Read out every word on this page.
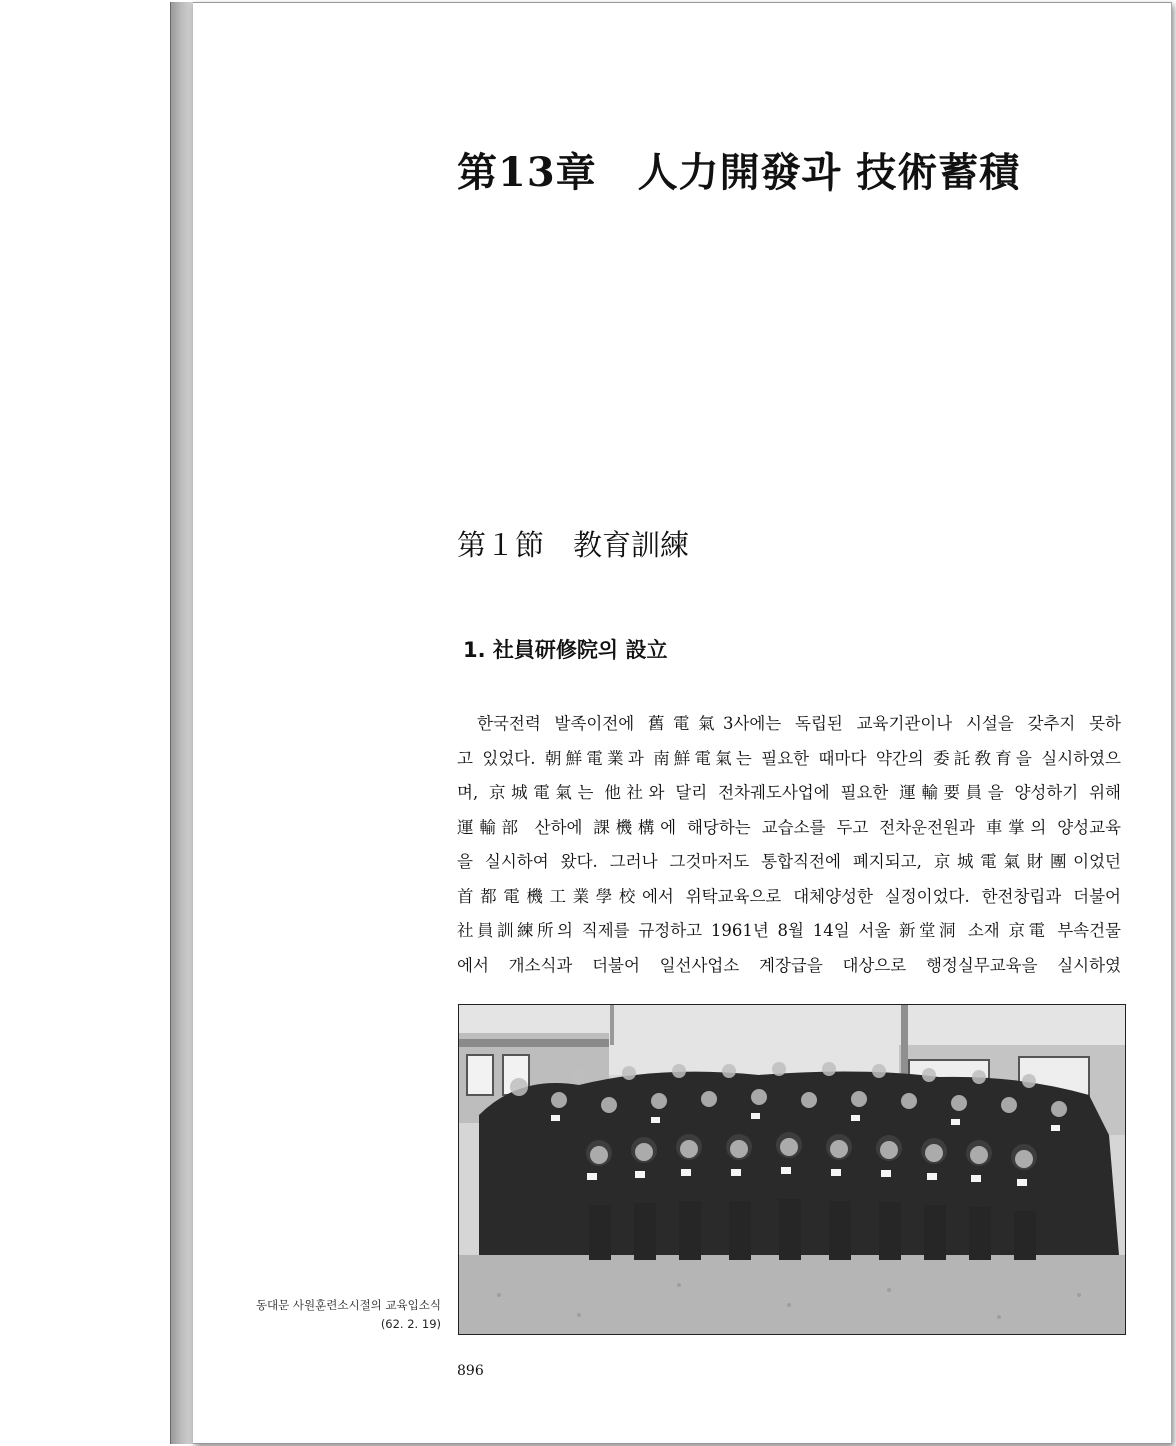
第13章　人力開發과 技術蓄積
第１節　教育訓練
1. 社員研修院의 設立
한국전력 발족이전에 舊電氣3사에는 독립된 교육기관이나 시설을 갖추지 못하
고 있었다. 朝鮮電業과 南鮮電氣는 필요한 때마다 약간의 委託敎育을 실시하였으
며, 京城電氣는 他社와 달리 전차궤도사업에 필요한 運輸要員을 양성하기 위해
運輸部 산하에 課機構에 해당하는 교습소를 두고 전차운전원과 車掌의 양성교육
을 실시하여 왔다. 그러나 그것마저도 통합직전에 폐지되고, 京城電氣財團이었던
首都電機工業學校에서 위탁교육으로 대체양성한 실정이었다. 한전창립과 더불어
社員訓練所의 직제를 규정하고 1961년 8월 14일 서울 新堂洞 소재 京電 부속건물
에서 개소식과 더불어 일선사업소 계장급을 대상으로 행정실무교육을 실시하였
896
동대문 사원훈련소시절의 교육입소식
(62. 2. 19)
